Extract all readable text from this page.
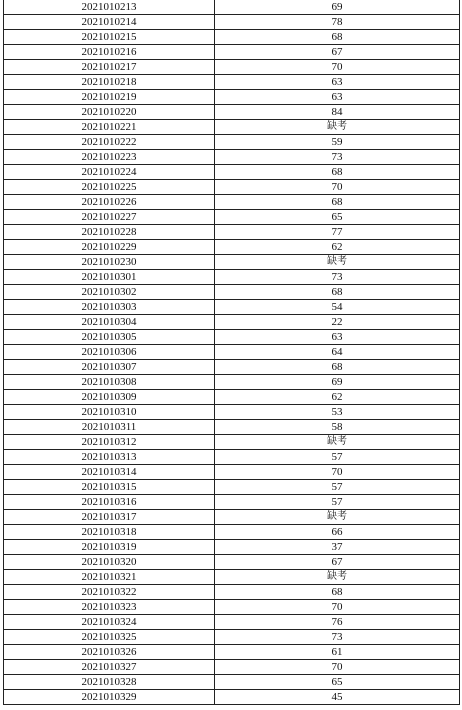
2021010213	69
2021010214	78
2021010215	68
2021010216	67
2021010217	70
2021010218	63
2021010219	63
2021010220	84
2021010221	缺考
2021010222	59
2021010223	73
2021010224	68
2021010225	70
2021010226	68
2021010227	65
2021010228	77
2021010229	62
2021010230	缺考
2021010301	73
2021010302	68
2021010303	54
2021010304	22
2021010305	63
2021010306	64
2021010307	68
2021010308	69
2021010309	62
2021010310	53
2021010311	58
2021010312	缺考
2021010313	57
2021010314	70
2021010315	57
2021010316	57
2021010317	缺考
2021010318	66
2021010319	37
2021010320	67
2021010321	缺考
2021010322	68
2021010323	70
2021010324	76
2021010325	73
2021010326	61
2021010327	70
2021010328	65
2021010329	45
